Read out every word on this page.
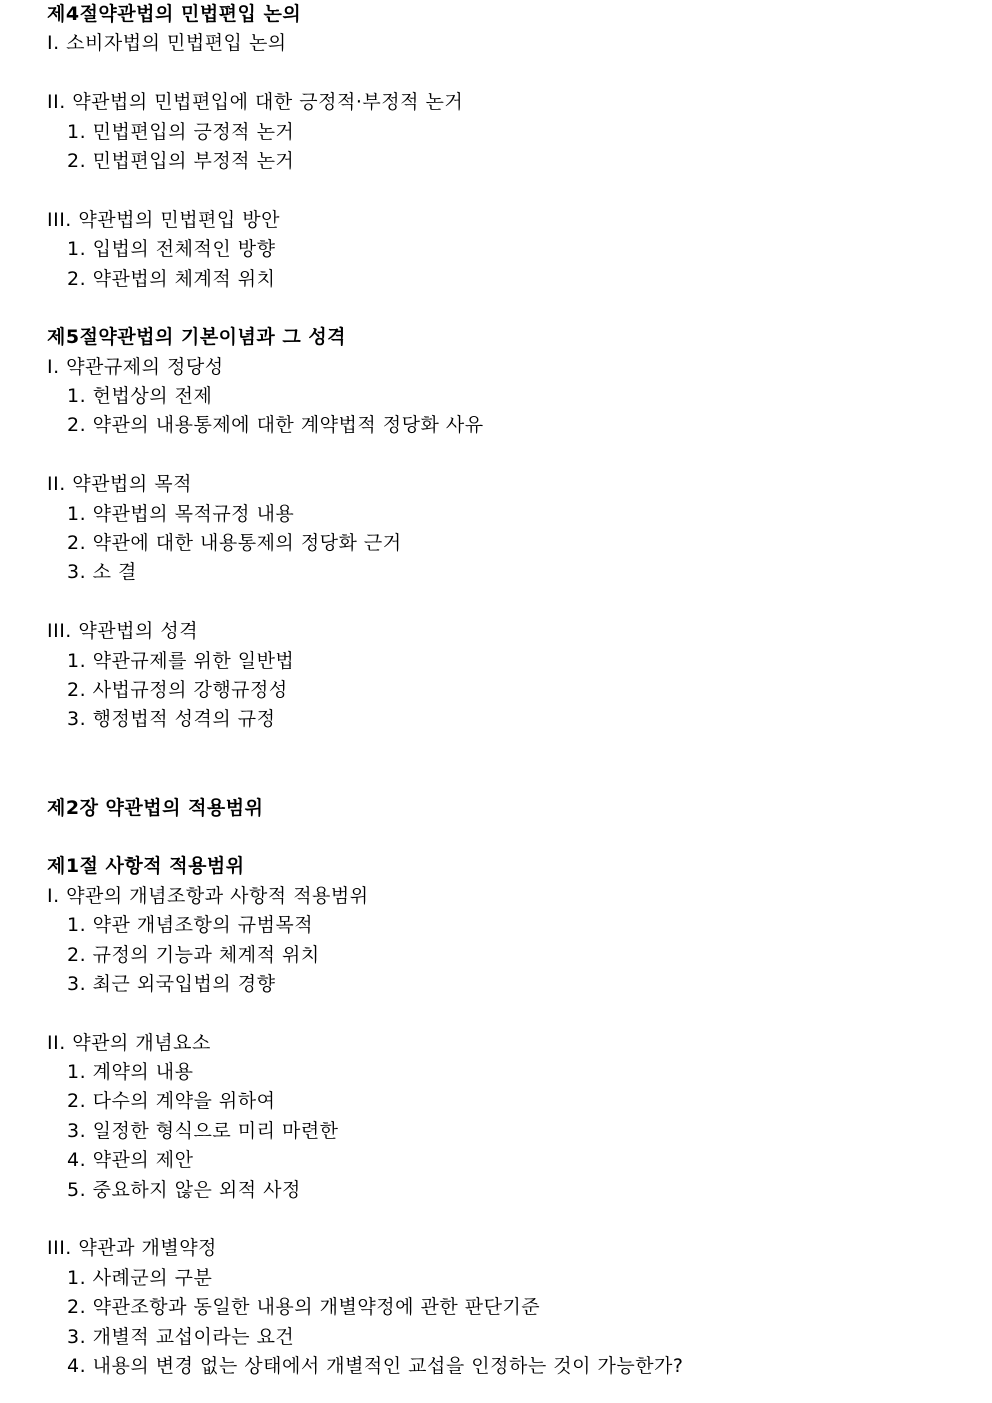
제4절약관법의 민법편입 논의
I. 소비자법의 민법편입 논의
II. 약관법의 민법편입에 대한 긍정적·부정적 논거
1. 민법편입의 긍정적 논거
2. 민법편입의 부정적 논거
III. 약관법의 민법편입 방안
1. 입법의 전체적인 방향
2. 약관법의 체계적 위치
제5절약관법의 기본이념과 그 성격
I. 약관규제의 정당성
1. 헌법상의 전제
2. 약관의 내용통제에 대한 계약법적 정당화 사유
II. 약관법의 목적
1. 약관법의 목적규정 내용
2. 약관에 대한 내용통제의 정당화 근거
3. 소 결
III. 약관법의 성격
1. 약관규제를 위한 일반법
2. 사법규정의 강행규정성
3. 행정법적 성격의 규정
제2장 약관법의 적용범위
제1절 사항적 적용범위
I. 약관의 개념조항과 사항적 적용범위
1. 약관 개념조항의 규범목적
2. 규정의 기능과 체계적 위치
3. 최근 외국입법의 경향
II. 약관의 개념요소
1. 계약의 내용
2. 다수의 계약을 위하여
3. 일정한 형식으로 미리 마련한
4. 약관의 제안
5. 중요하지 않은 외적 사정
III. 약관과 개별약정
1. 사례군의 구분
2. 약관조항과 동일한 내용의 개별약정에 관한 판단기준
3. 개별적 교섭이라는 요건
4. 내용의 변경 없는 상태에서 개별적인 교섭을 인정하는 것이 가능한가?
